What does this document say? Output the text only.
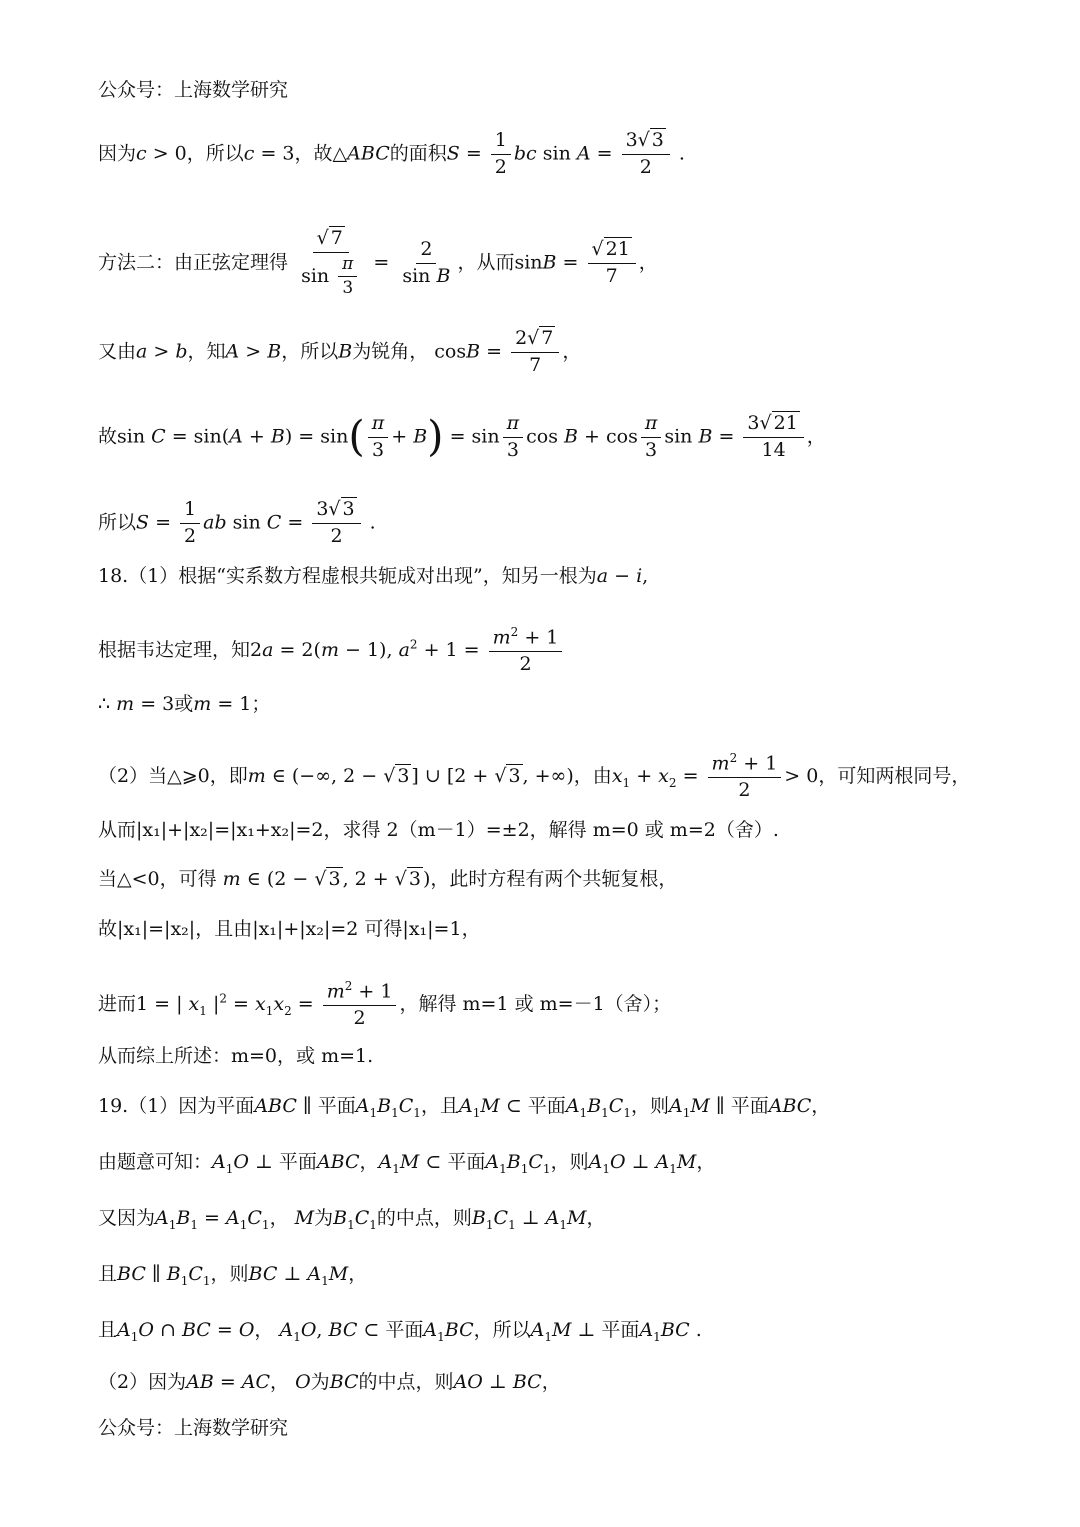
公众号：上海数学研究
因为c > 0，所以c = 3，故△ABC的面积$S = \frac{1}{2}$ bc $\sin A = \frac{3√ 3}{2}$ .
方法二：由正弦定理得 $\frac{√ 7}{\sin \frac{\pi}{3}} = \frac{2}{\text{sin B}}$ ，从而$\sin B = \frac{√ 21}{7}$ ，
又由a > b，知A > B，所以B为锐角， $\cos B = \frac{2√ 7}{7}$ ，
故$\sin C = \sin(A + B) = \sin( \frac{\pi}{3} + B) = \sin \frac{\pi}{3}$ $\cos B + \cos \frac{\pi}{3}$ $\sin B = \frac{3√ 21}{14}$ ，
所以$S = \frac{1}{2}$ ab $\sin C = \frac{3√ 3}{2}$ .
18.（1）根据“实系数方程虚根共轭成对出现”，知另一根为a − i,
根据韦达定理，知2a = 2(m − 1), $a^2 + 1 = \frac{m^2 + 1}{2}$
∴ m = 3或m = 1；
（2）当△⩾0，即m ∈ (−∞, 2 − √ 3 ] ∪ [2 + √ 3 , +∞)，由$x_1 + x_2 = \frac{m^2 + 1}{2} > 0$，可知两根同号，
从而|x₁|+|x₂|=|x₁+x₂|=2，求得 2（m－1）=±2，解得 m=0 或 m=2（舍）.
当△<0，可得 m ∈ (2 − √ 3 , 2 + √ 3 )，此时方程有两个共轭复根，
故|x₁|=|x₂|，且由|x₁|+|x₂|=2 可得|x₁|=1，
进而1 = | $x_1$ $|^2 = x_1x_2 = \frac{m^2 + 1}{2}$ ，解得 m=1 或 m=－1（舍）；
从而综上所述：m=0，或 m=1.
19.（1）因为平面ABC ∥ 平面$A_1B_1C_1$，且$A_1M$ ⊂ 平面$A_1B_1C_1$，则$A_1M$ ∥ 平面ABC，
由题意可知：$A_1O$ ⊥ 平面ABC，$A_1M$ ⊂ 平面$A_1B_1C_1$，则$A_1O$ ⊥ $A_1M$，
又因为$A_1B_1 = A_1C_1$， M为$B_1C_1$的中点，则$B_1C_1$ ⊥ $A_1M$，
且BC ∥ $B_1C_1$，则BC ⊥ $A_1M$，
且$A_1O$ ∩ BC = O， $A_1O$, BC ⊂ 平面$A_1BC$，所以$A_1M$ ⊥ 平面$A_1BC$ .
（2）因为AB = AC， O为BC的中点，则AO ⊥ BC，
公众号：上海数学研究
